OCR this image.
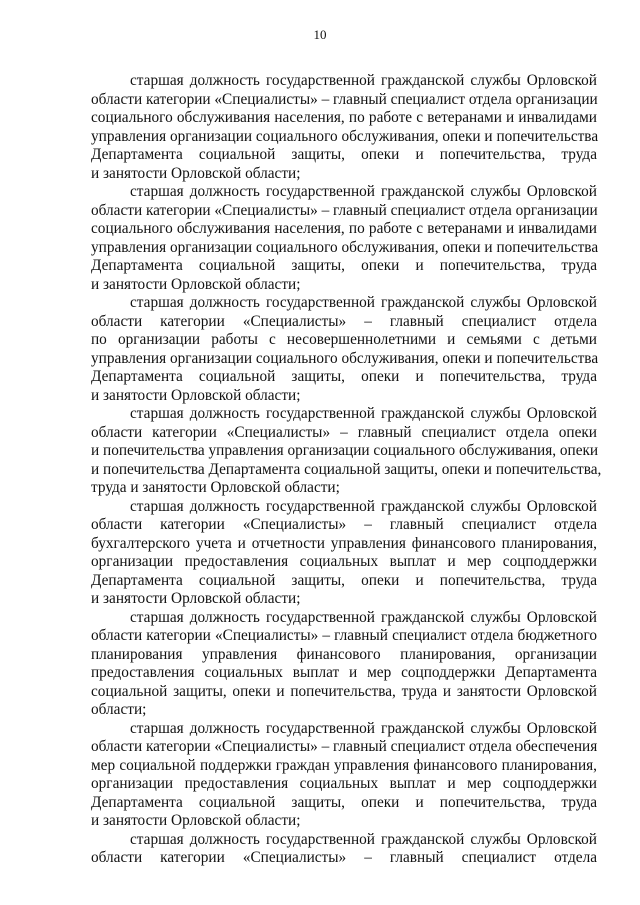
10
старшая должность государственной гражданской службы Орловской
области категории «Специалисты» – главный специалист отдела организации
социального обслуживания населения, по работе с ветеранами и инвалидами
управления организации социального обслуживания, опеки и попечительства
Департамента социальной защиты, опеки и попечительства, труда
и занятости Орловской области;
старшая должность государственной гражданской службы Орловской
области категории «Специалисты» – главный специалист отдела организации
социального обслуживания населения, по работе с ветеранами и инвалидами
управления организации социального обслуживания, опеки и попечительства
Департамента социальной защиты, опеки и попечительства, труда
и занятости Орловской области;
старшая должность государственной гражданской службы Орловской
области категории «Специалисты» – главный специалист отдела
по организации работы с несовершеннолетними и семьями с детьми
управления организации социального обслуживания, опеки и попечительства
Департамента социальной защиты, опеки и попечительства, труда
и занятости Орловской области;
старшая должность государственной гражданской службы Орловской
области категории «Специалисты» – главный специалист отдела опеки
и попечительства управления организации социального обслуживания, опеки
и попечительства Департамента социальной защиты, опеки и попечительства,
труда и занятости Орловской области;
старшая должность государственной гражданской службы Орловской
области категории «Специалисты» – главный специалист отдела
бухгалтерского учета и отчетности управления финансового планирования,
организации предоставления социальных выплат и мер соцподдержки
Департамента социальной защиты, опеки и попечительства, труда
и занятости Орловской области;
старшая должность государственной гражданской службы Орловской
области категории «Специалисты» – главный специалист отдела бюджетного
планирования управления финансового планирования, организации
предоставления социальных выплат и мер соцподдержки Департамента
социальной защиты, опеки и попечительства, труда и занятости Орловской
области;
старшая должность государственной гражданской службы Орловской
области категории «Специалисты» – главный специалист отдела обеспечения
мер социальной поддержки граждан управления финансового планирования,
организации предоставления социальных выплат и мер соцподдержки
Департамента социальной защиты, опеки и попечительства, труда
и занятости Орловской области;
старшая должность государственной гражданской службы Орловской
области категории «Специалисты» – главный специалист отдела
